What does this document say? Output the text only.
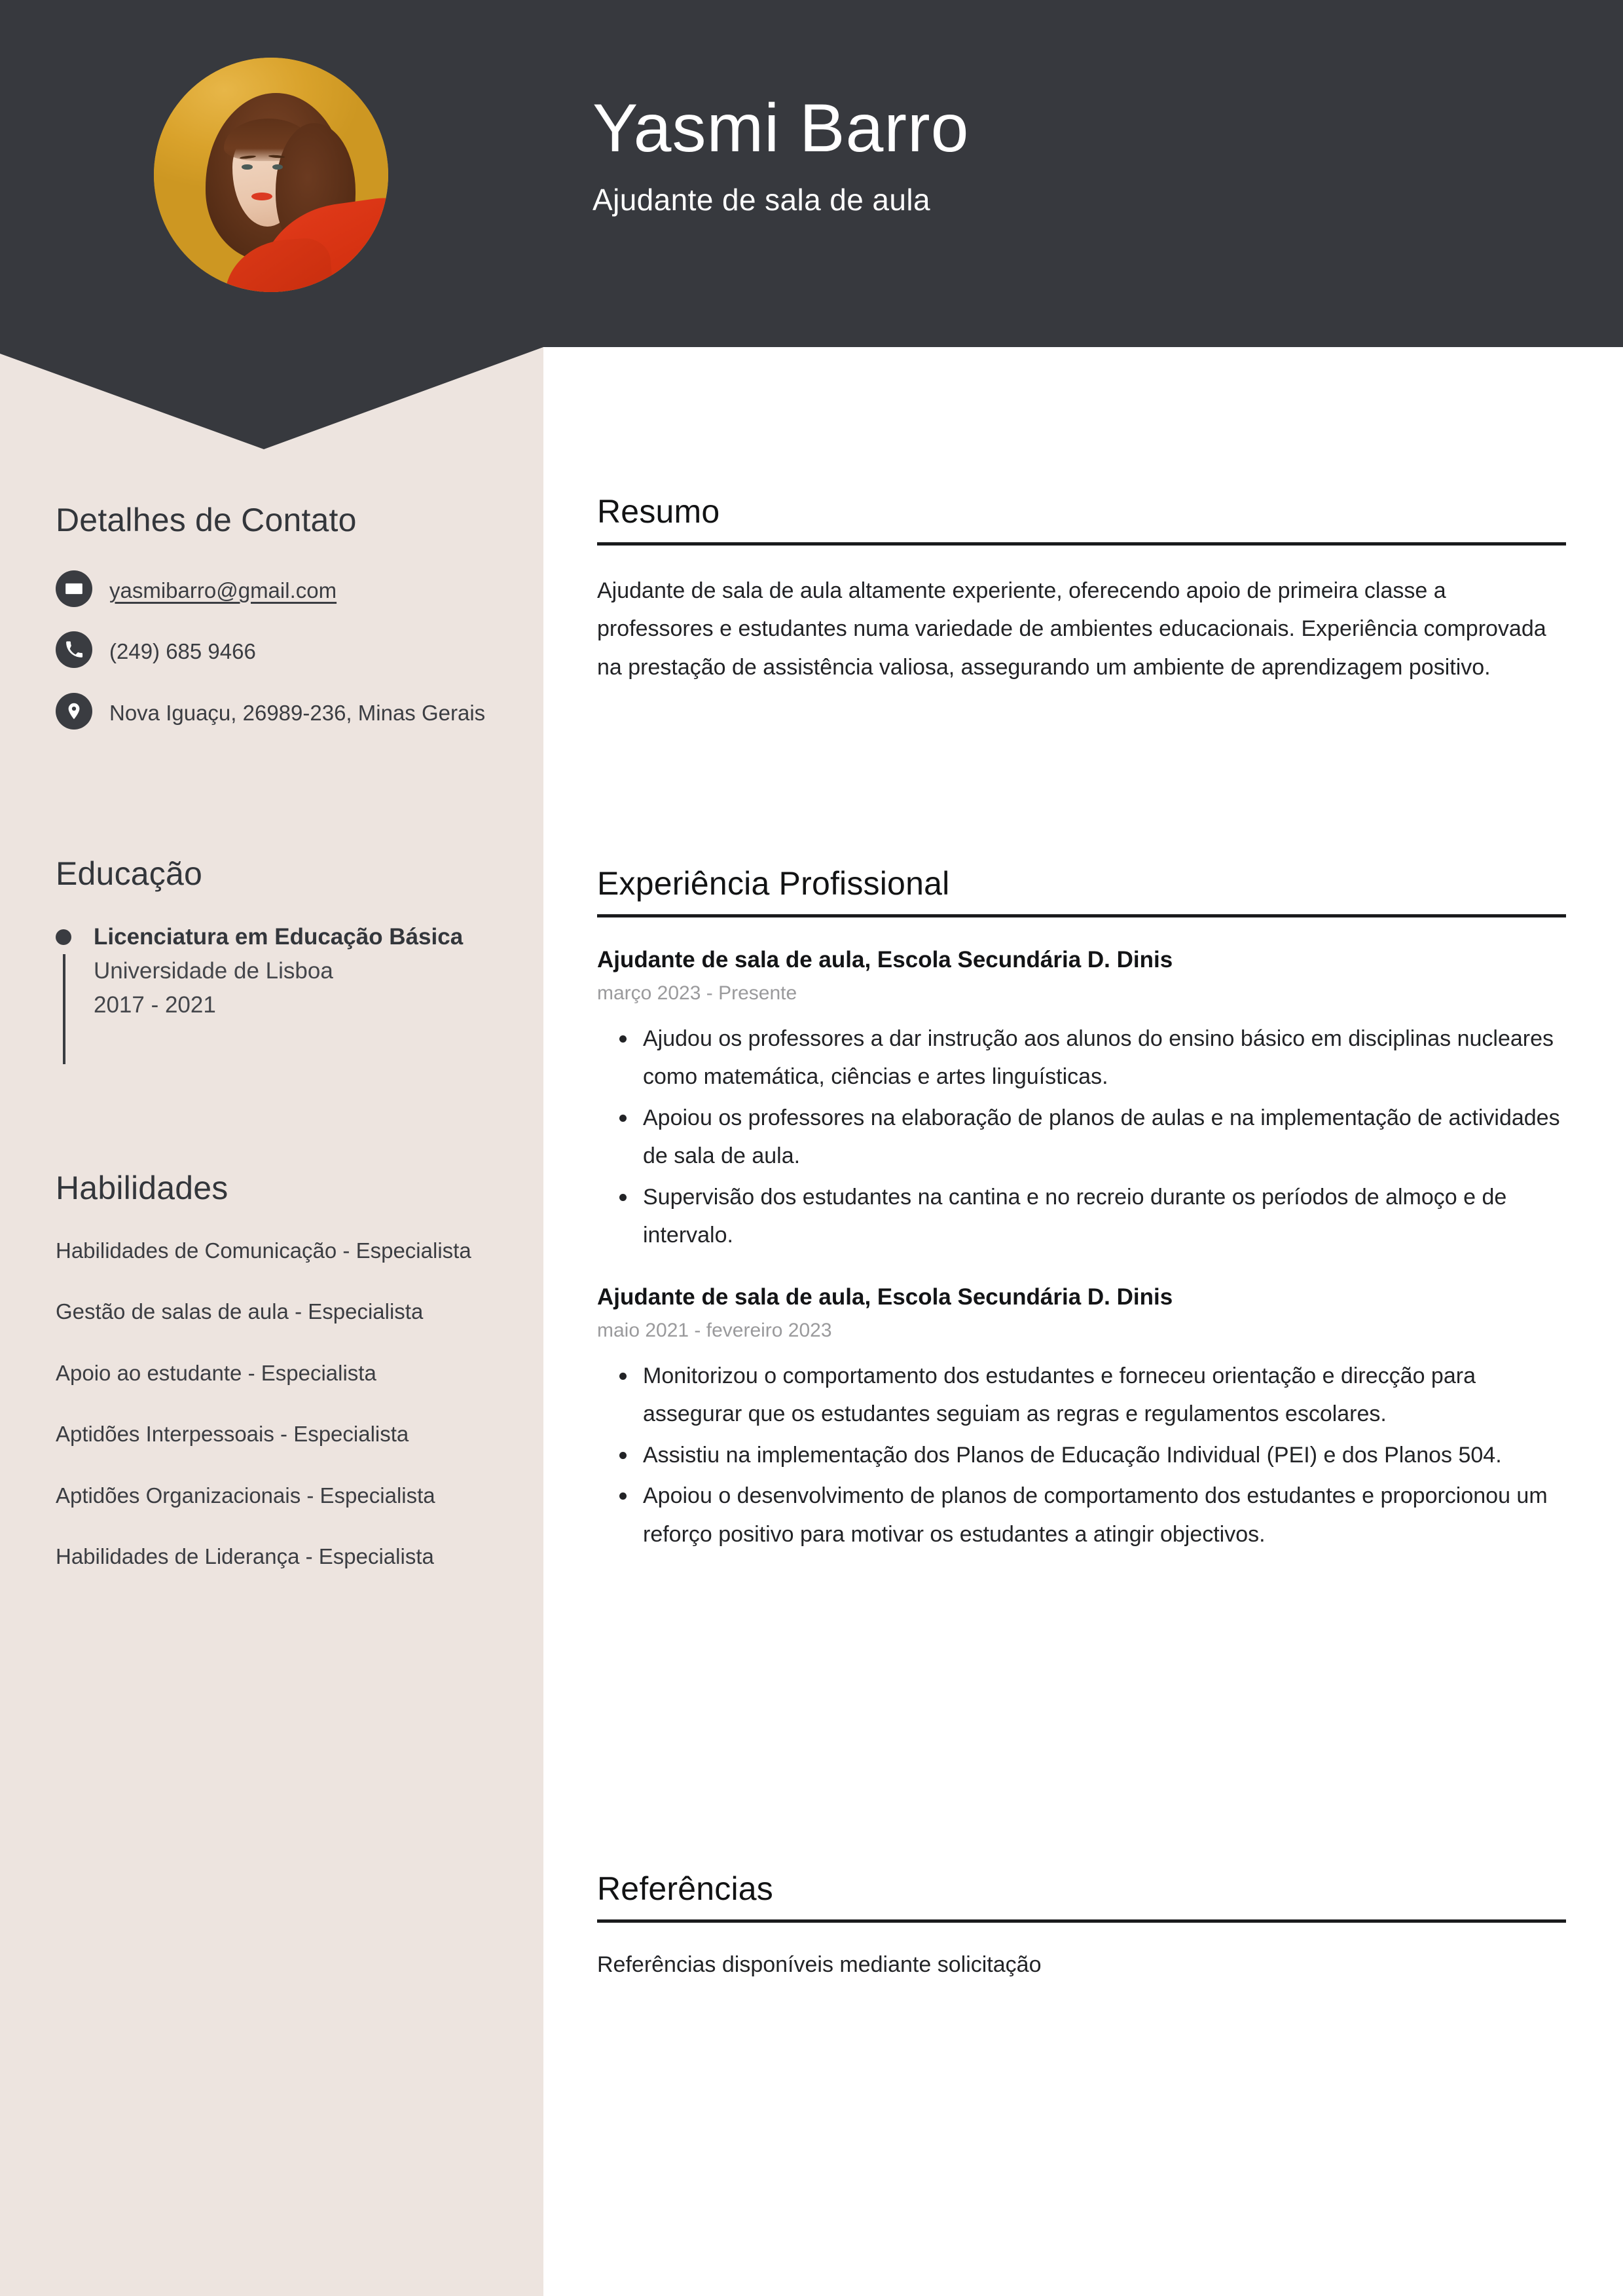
Yasmi Barro
Ajudante de sala de aula
Detalhes de Contato
yasmibarro@gmail.com
(249) 685 9466
Nova Iguaçu, 26989-236, Minas Gerais
Educação
Licenciatura em Educação Básica
Universidade de Lisboa
2017 - 2021
Habilidades
Habilidades de Comunicação - Especialista
Gestão de salas de aula - Especialista
Apoio ao estudante - Especialista
Aptidões Interpessoais - Especialista
Aptidões Organizacionais - Especialista
Habilidades de Liderança - Especialista
Resumo
Ajudante de sala de aula altamente experiente, oferecendo apoio de primeira classe a professores e estudantes numa variedade de ambientes educacionais. Experiência comprovada na prestação de assistência valiosa, assegurando um ambiente de aprendizagem positivo.
Experiência Profissional
Ajudante de sala de aula, Escola Secundária D. Dinis
março 2023 - Presente
Ajudou os professores a dar instrução aos alunos do ensino básico em disciplinas nucleares como matemática, ciências e artes linguísticas.
Apoiou os professores na elaboração de planos de aulas e na implementação de actividades de sala de aula.
Supervisão dos estudantes na cantina e no recreio durante os períodos de almoço e de intervalo.
Ajudante de sala de aula, Escola Secundária D. Dinis
maio 2021 - fevereiro 2023
Monitorizou o comportamento dos estudantes e forneceu orientação e direcção para assegurar que os estudantes seguiam as regras e regulamentos escolares.
Assistiu na implementação dos Planos de Educação Individual (PEI) e dos Planos 504.
Apoiou o desenvolvimento de planos de comportamento dos estudantes e proporcionou um reforço positivo para motivar os estudantes a atingir objectivos.
Referências
Referências disponíveis mediante solicitação
